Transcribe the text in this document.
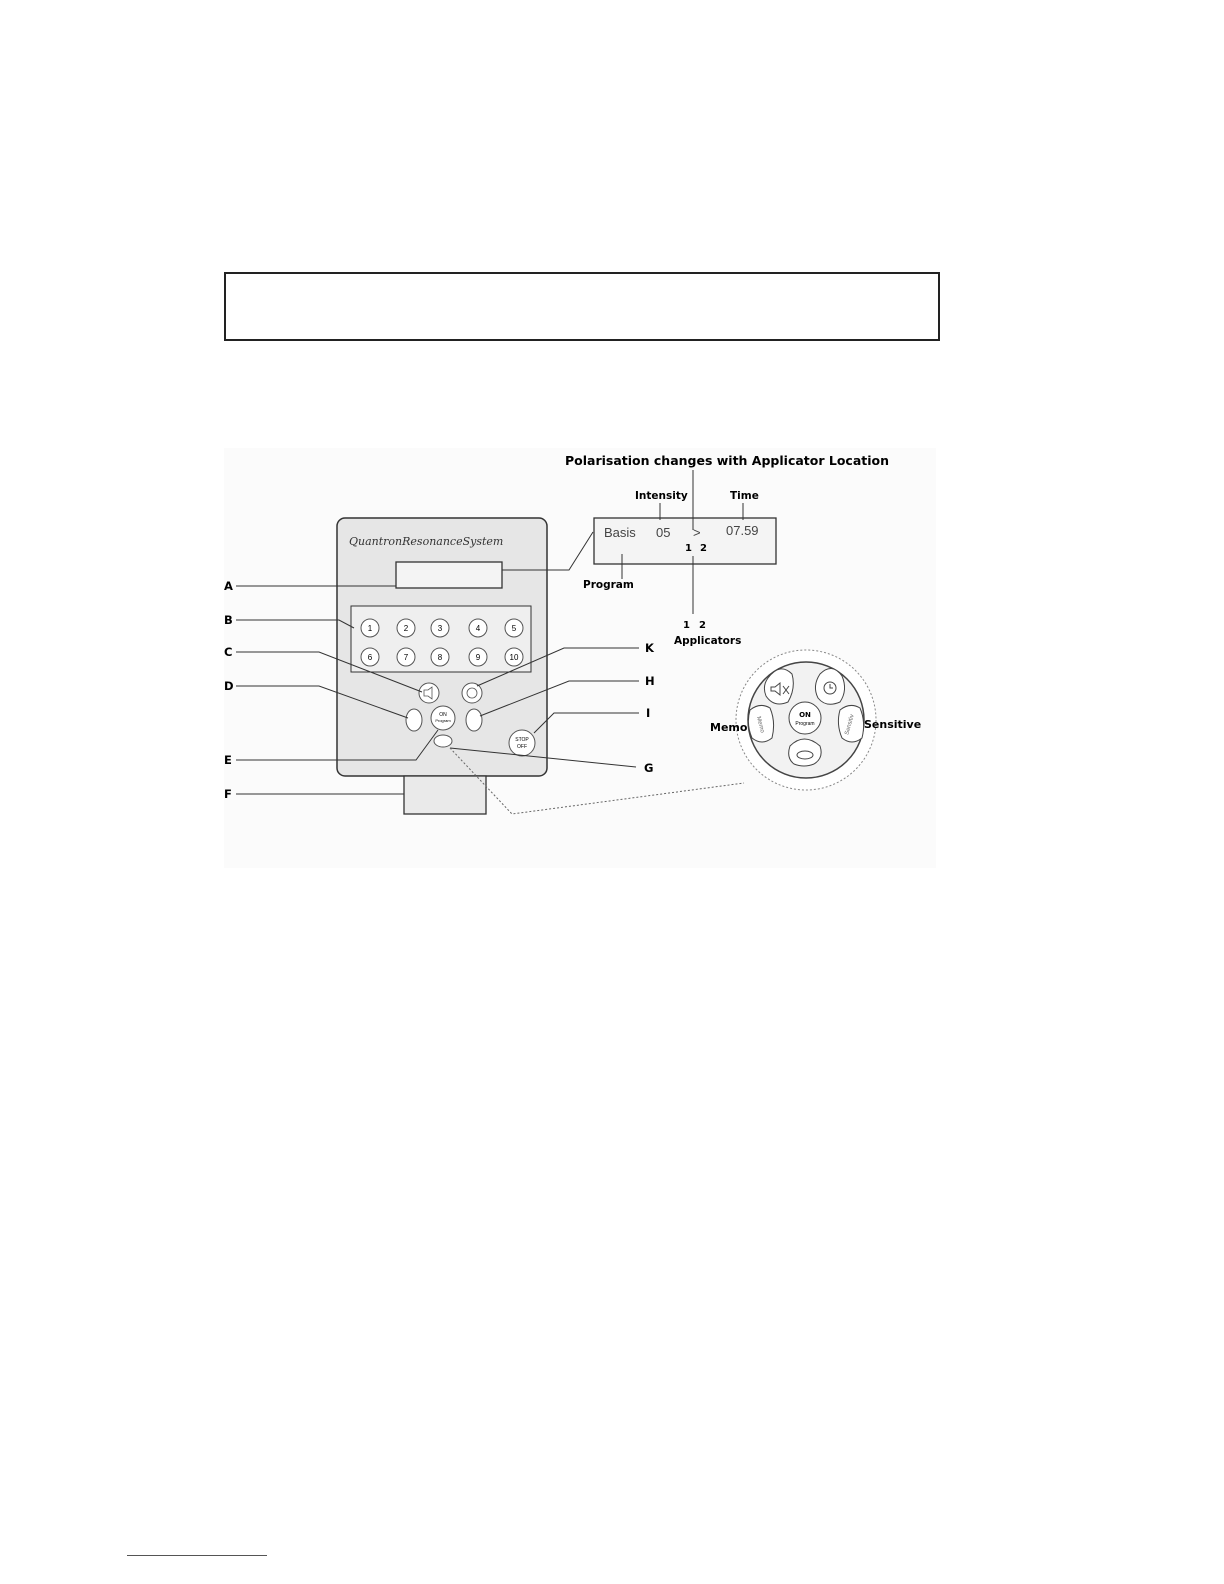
QuantronResonanceSystem
1	2	3	4	5
6	7	8	9	10
ON
Program
STOP
OFF
Basis 05 > 07.59
1 2
Polarisation changes with Applicator Location
Intensity	Time
Program
1 2
Applicators
A
B
C
D
E
F
G
H
I
K
Memo	Sensitiv
ON
Program
Memo	Sensitive
